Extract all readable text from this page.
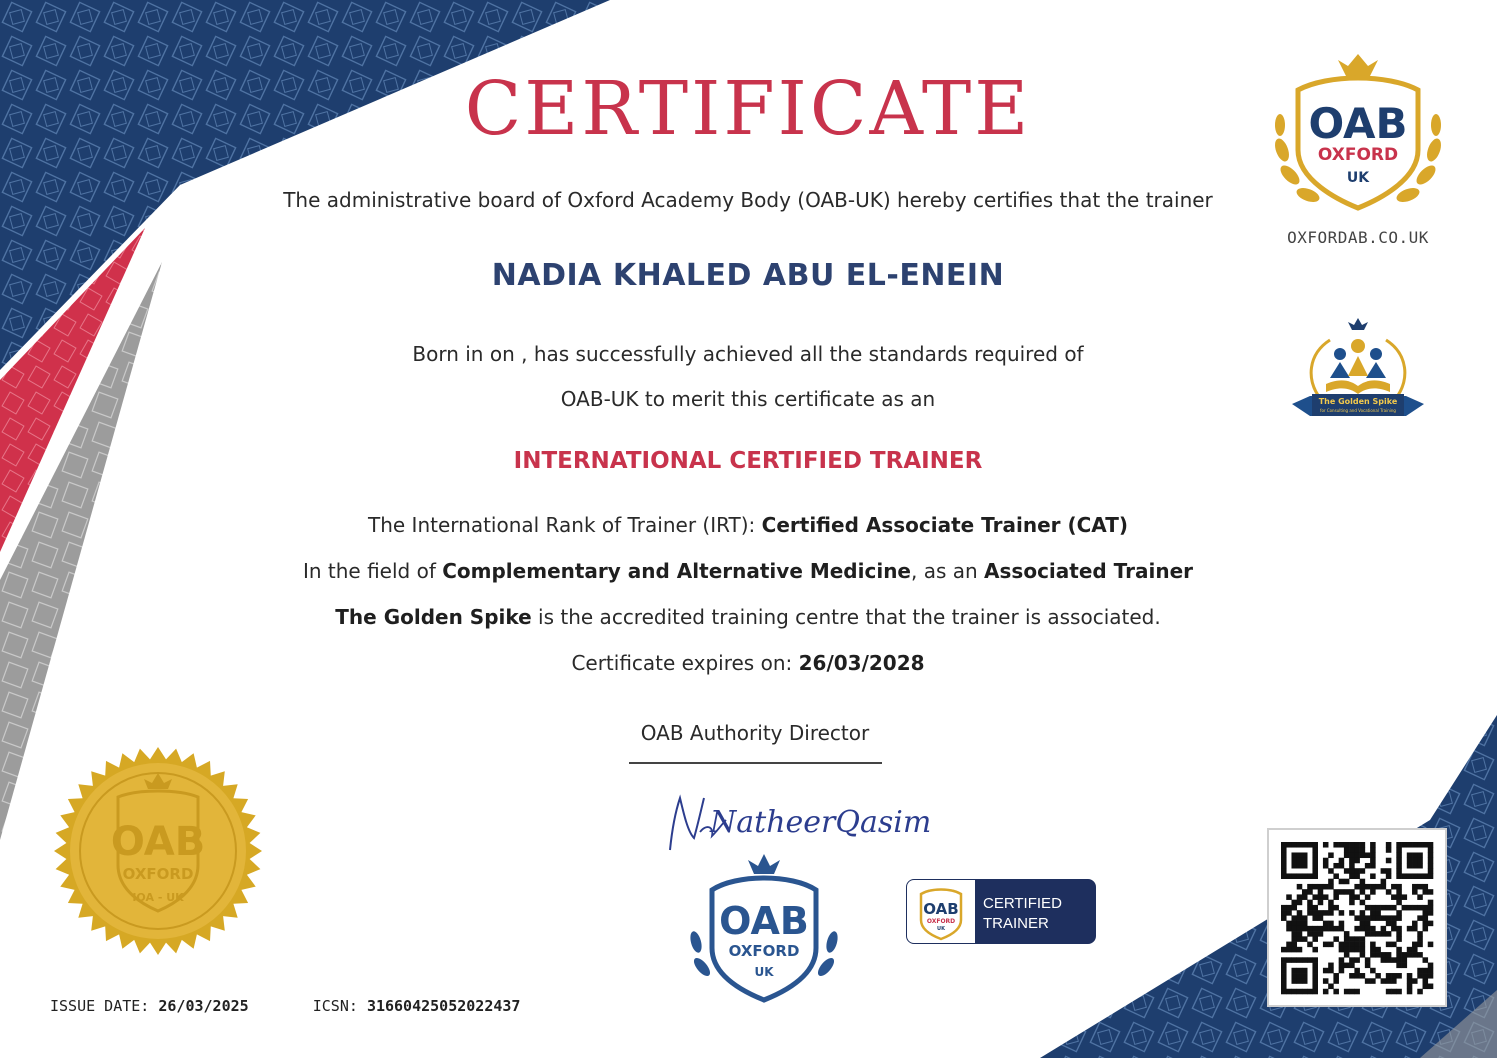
CERTIFICATE
The administrative board of Oxford Academy Body (OAB-UK) hereby certifies that the trainer
NADIA KHALED ABU EL-ENEIN
Born in on , has successfully achieved all the standards required of
OAB-UK to merit this certificate as an
INTERNATIONAL CERTIFIED TRAINER
The International Rank of Trainer (IRT): Certified Associate Trainer (CAT)
In the field of Complementary and Alternative Medicine, as an Associated Trainer
The Golden Spike is the accredited training centre that the trainer is associated.
Certificate expires on: 26/03/2028
OAB Authority Director
NatheerQasim
OAB
OXFORD
UK
OXFORDAB.CO.UK
The Golden Spike
for Consulting and Vocational Training
OAB
OXFORD
IOA - UK
OAB
OXFORD
UK
OAB
OXFORD
UK
CERTIFIED
TRAINER
ISSUE DATE: 26/03/2025	ICSN: 31660425052022437
